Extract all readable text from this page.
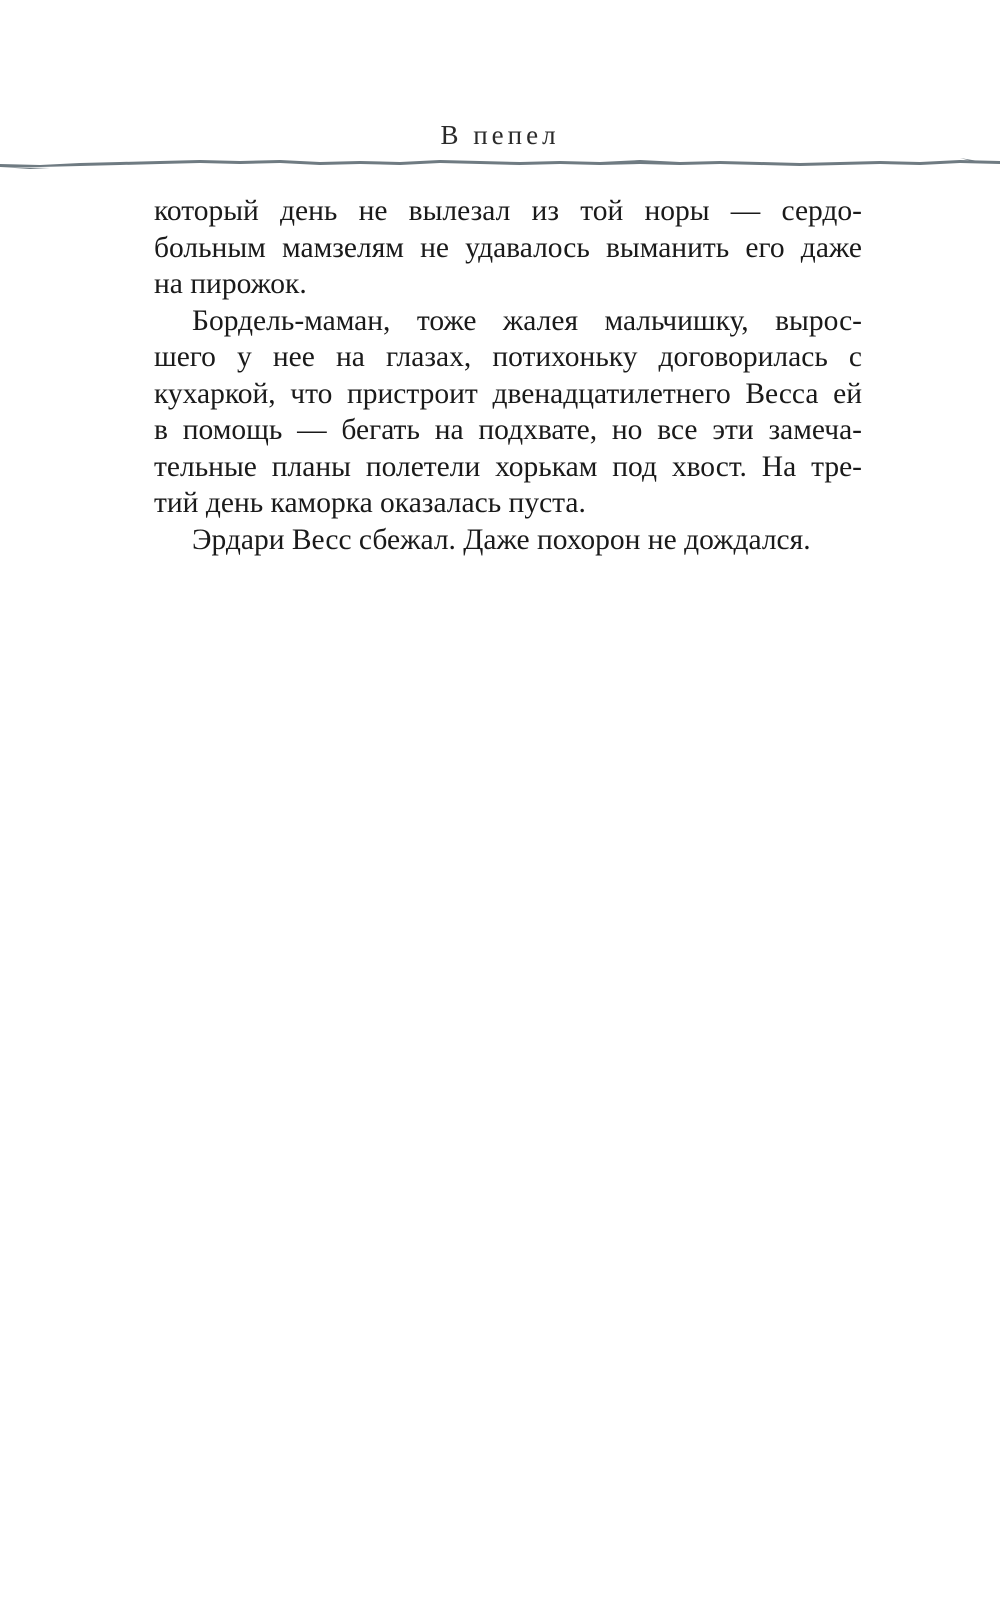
В пепел
который день не вылезал из той норы — сердо-
больным мамзелям не удавалось выманить его даже
на пирожок.
Бордель-маман, тоже жалея мальчишку, вырос-
шего у нее на глазах, потихоньку договорилась с
кухаркой, что пристроит двенадцатилетнего Весса ей
в помощь — бегать на подхвате, но все эти замеча-
тельные планы полетели хорькам под хвост. На тре-
тий день каморка оказалась пуста.
Эрдари Весс сбежал. Даже похорон не дождался.
